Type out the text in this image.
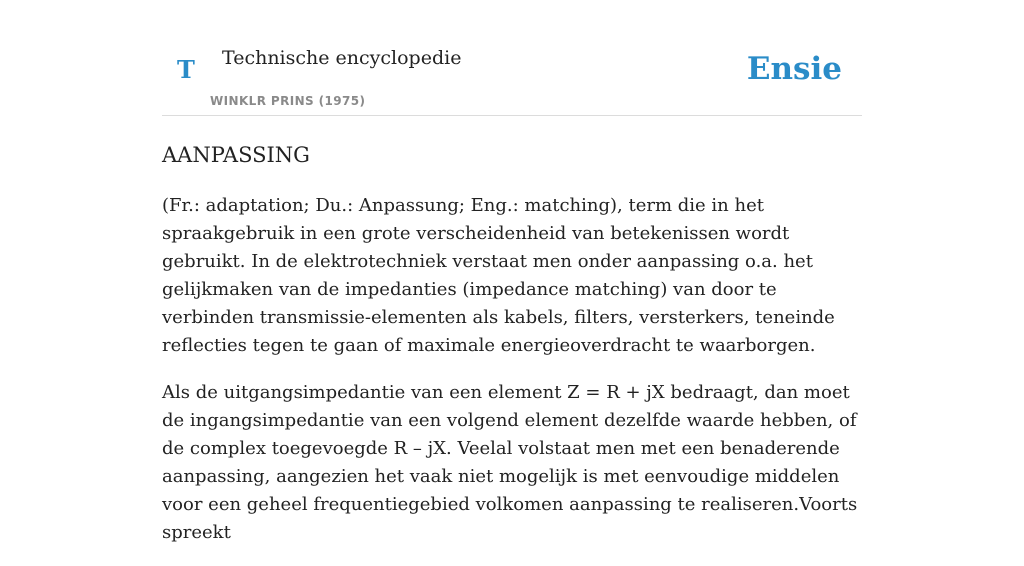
T Technische encyclopedie
WINKLR PRINS (1975)
Ensie
AANPASSING

(Fr.: adaptation; Du.: Anpassung; Eng.: matching), term die in het spraakgebruik in een grote verscheidenheid van betekenissen wordt gebruikt. In de elektrotechniek verstaat men onder aanpassing o.a. het gelijkmaken van de impedanties (impedance matching) van door te verbinden transmissie-elementen als kabels, filters, versterkers, teneinde reflecties tegen te gaan of maximale energieoverdracht te waarborgen.

Als de uitgangsimpedantie van een element Z = R + jX bedraagt, dan moet de ingangsimpedantie van een volgend element dezelfde waarde hebben, of de complex toegevoegde R – jX. Veelal volstaat men met een benaderende aanpassing, aangezien het vaak niet mogelijk is met eenvoudige middelen voor een geheel frequentiegebied volkomen aanpassing te realiseren.Voorts spreekt
